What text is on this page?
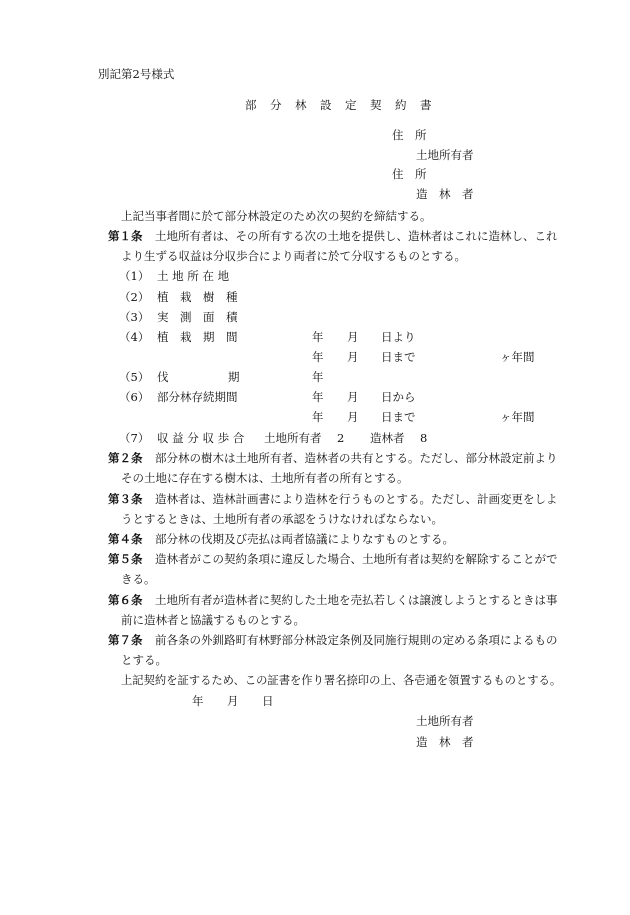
別記第2号様式
部　分　林　設　定　契　約　書
住　所
土地所有者
住　所
造　林　者
上記当事者間に於て部分林設定のため次の契約を締結する。
第１条 土地所有者は、その所有する次の土地を提供し、造林者はこれに造林し、これ
より生ずる収益は分収歩合により両者に於て分収するものとする。
（1） 土 地 所 在 地
（2） 植　栽　樹　種
（3） 実　測　面　積
（4） 植　栽　期　間	年 月 日より
年 月 日まで	ヶ年間
（5） 伐	期	年
（6） 部分林存続期間	年 月 日から
年 月 日まで	ヶ年間
（7） 収 益 分 収 歩 合 土地所有者 2 造林者 8
第２条 部分林の樹木は土地所有者、造林者の共有とする。ただし、部分林設定前より
その土地に存在する樹木は、土地所有者の所有とする。
第３条 造林者は、造林計画書により造林を行うものとする。ただし、計画変更をしよ
うとするときは、土地所有者の承認をうけなければならない。
第４条 部分林の伐期及び売払は両者協議によりなすものとする。
第５条 造林者がこの契約条項に違反した場合、土地所有者は契約を解除することがで
きる。
第６条 土地所有者が造林者に契約した土地を売払若しくは譲渡しようとするときは事
前に造林者と協議するものとする。
第７条 前各条の外釧路町有林野部分林設定条例及同施行規則の定める条項によるもの
とする。
上記契約を証するため、この証書を作り署名捺印の上、各壱通を領置するものとする。
年 月 日
土地所有者
造　林　者
